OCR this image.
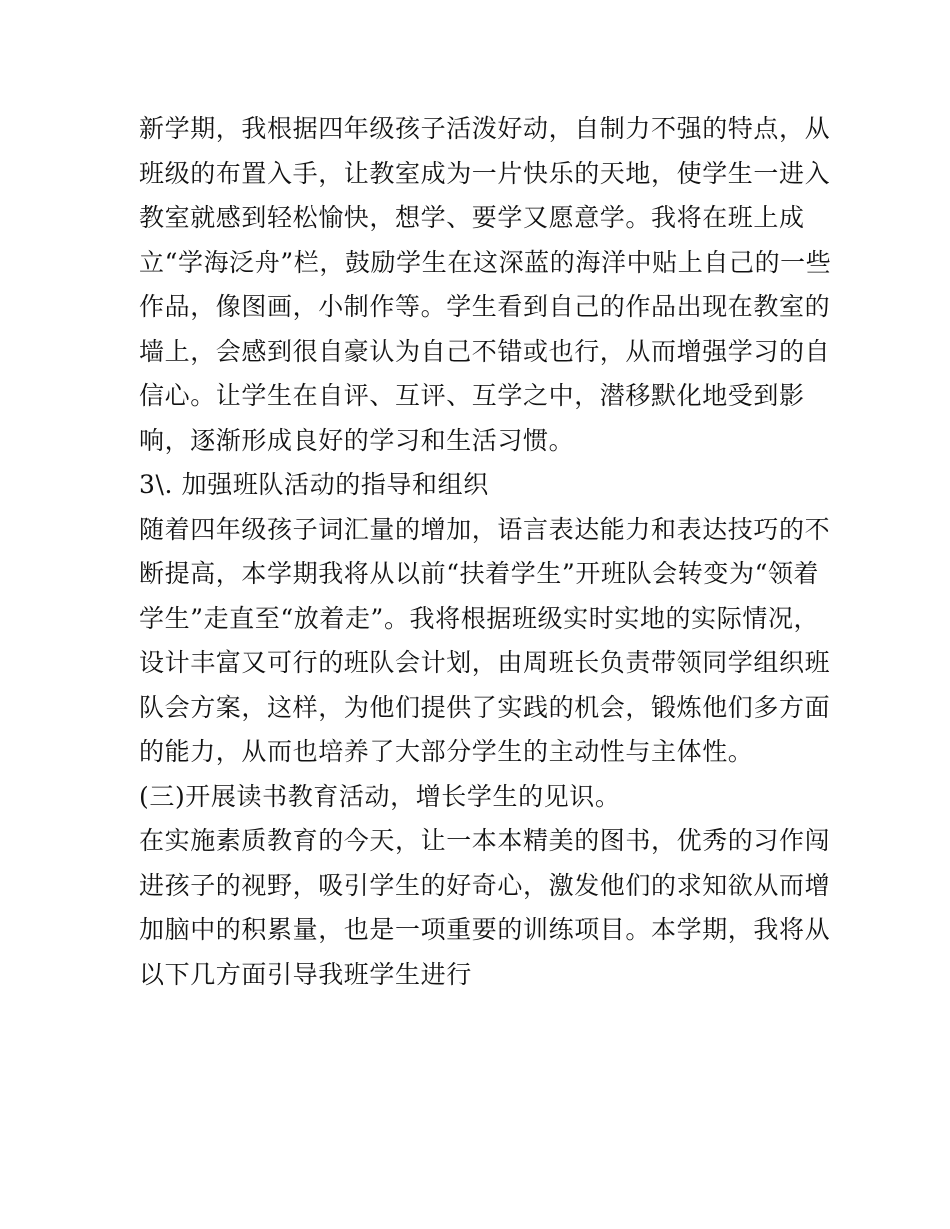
新学期，我根据四年级孩子活泼好动，自制力不强的特点，从
班级的布置入手，让教室成为一片快乐的天地，使学生一进入
教室就感到轻松愉快，想学、要学又愿意学。我将在班上成
立“学海泛舟”栏，鼓励学生在这深蓝的海洋中贴上自己的一些
作品，像图画，小制作等。学生看到自己的作品出现在教室的
墙上，会感到很自豪认为自己不错或也行，从而增强学习的自
信心。让学生在自评、互评、互学之中，潜移默化地受到影
响，逐渐形成良好的学习和生活习惯。
3\. 加强班队活动的指导和组织
随着四年级孩子词汇量的增加，语言表达能力和表达技巧的不
断提高，本学期我将从以前“扶着学生”开班队会转变为“领着
学生”走直至“放着走”。我将根据班级实时实地的实际情况，
设计丰富又可行的班队会计划，由周班长负责带领同学组织班
队会方案，这样，为他们提供了实践的机会，锻炼他们多方面
的能力，从而也培养了大部分学生的主动性与主体性。
(三)开展读书教育活动，增长学生的见识。
在实施素质教育的今天，让一本本精美的图书，优秀的习作闯
进孩子的视野，吸引学生的好奇心，激发他们的求知欲从而增
加脑中的积累量，也是一项重要的训练项目。本学期，我将从
以下几方面引导我班学生进行
